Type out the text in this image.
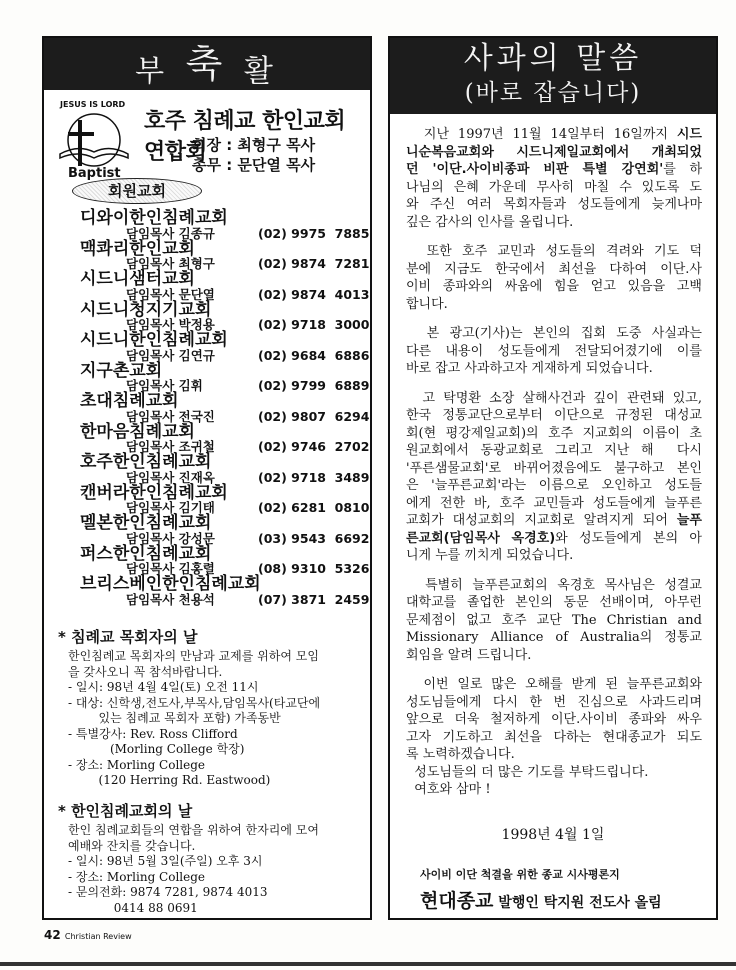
부 축 활
JESUS IS LORD
Baptist
호주 침례교 한인교회 연합회
회장 : 최형구 목사
총무 : 문단열 목사
회원교회
디와이한인침례교회
담임목사 김종규	(02) 9975  7885
맥콰리한인교회
담임목사 최형구	(02) 9874  7281
시드니샘터교회
담임목사 문단열	(02) 9874  4013
시드니청지기교회
담임목사 박정용	(02) 9718  3000
시드니한인침례교회
담임목사 김연규	(02) 9684  6886
지구촌교회
담임목사 김휘	(02) 9799  6889
초대침례교회
담임목사 전국진	(02) 9807  6294
한마음침례교회
담임목사 조귀철	(02) 9746  2702
호주한인침례교회
담임목사 진재옥	(02) 9718  3489
캔버라한인침례교회
담임목사 김기태	(02) 6281  0810
멜본한인침례교회
담임목사 강성문	(03) 9543  6692
퍼스한인침례교회
담임목사 김홍렬	(08) 9310  5326
브리스베인한인침례교회
담임목사 천용석	(07) 3871  2459
* 침례교 목회자의 날
한인침례교 목회자의 만남과 교제를 위하여 모임
을 갖사오니 꼭 참석바랍니다.
- 일시: 98년 4월 4일(토) 오전 11시
- 대상: 신학생,전도사,부목사,담임목사(타교단에
있는 침례교 목회자 포함) 가족동반
- 특별강사: Rev. Ross Clifford
(Morling College 학장)
- 장소: Morling College
(120 Herring Rd. Eastwood)
* 한인침례교회의 날
한인 침례교회들의 연합을 위하여 한자리에 모여
예배와 잔치를 갖습니다.
- 일시: 98년 5월 3일(주일) 오후 3시
- 장소: Morling College
- 문의전화: 9874 7281, 9874 4013
0414 88 0691
42 Christian Review
사과의 말씀
(바로 잡습니다)
지난 1997년 11월 14일부터 16일까지 시드
니순복음교회와 시드니제일교회에서 개최되었
던 '이단.사이비종파 비판 특별 강연회'를 하
나님의 은혜 가운데 무사히 마칠 수 있도록 도
와 주신 여러 목회자들과 성도들에게 늦게나마
깊은 감사의 인사를 올립니다.
또한 호주 교민과 성도들의 격려와 기도 덕
분에 지금도 한국에서 최선을 다하여 이단.사
이비 종파와의 싸움에 힘을 얻고 있음을 고백
합니다.
본 광고(기사)는 본인의 집회 도중 사실과는
다른 내용이 성도들에게 전달되어졌기에 이를
바로 잡고 사과하고자 게재하게 되었습니다.
고 탁명환 소장 살해사건과 깊이 관련돼 있고,
한국 정통교단으로부터 이단으로 규정된 대성교
회(현 평강제일교회)의 호주 지교회의 이름이 초
원교회에서 동광교회로 그리고 지난 해  다시
'푸른샘물교회'로 바뀌어졌음에도 불구하고 본인
은 '늘푸른교회'라는 이름으로 오인하고 성도들
에게 전한 바, 호주 교민들과 성도들에게 늘푸른
교회가 대성교회의 지교회로 알려지게 되어 늘푸
른교회(담임목사 옥경호)와 성도들에게 본의 아
니게 누를 끼치게 되었습니다.
특별히 늘푸른교회의 옥경호 목사님은 성결교
대학교를 졸업한 본인의 동문 선배이며, 아무런
문제점이 없고 호주 교단 The Christian and
Missionary Alliance of Australia의 정통교
회임을 알려 드립니다.
이번 일로 많은 오해를 받게 된 늘푸른교회와
성도님들에게 다시 한 번 진심으로 사과드리며
앞으로 더욱 철저하게 이단.사이비 종파와 싸우
고자 기도하고 최선을 다하는 현대종교가 되도
록 노력하겠습니다.
성도님들의 더 많은 기도를 부탁드립니다.
여호와 삼마 !
1998년 4월 1일
사이비 이단 척결을 위한 종교 시사평론지
현대종교 발행인 탁지원 전도사 올림
